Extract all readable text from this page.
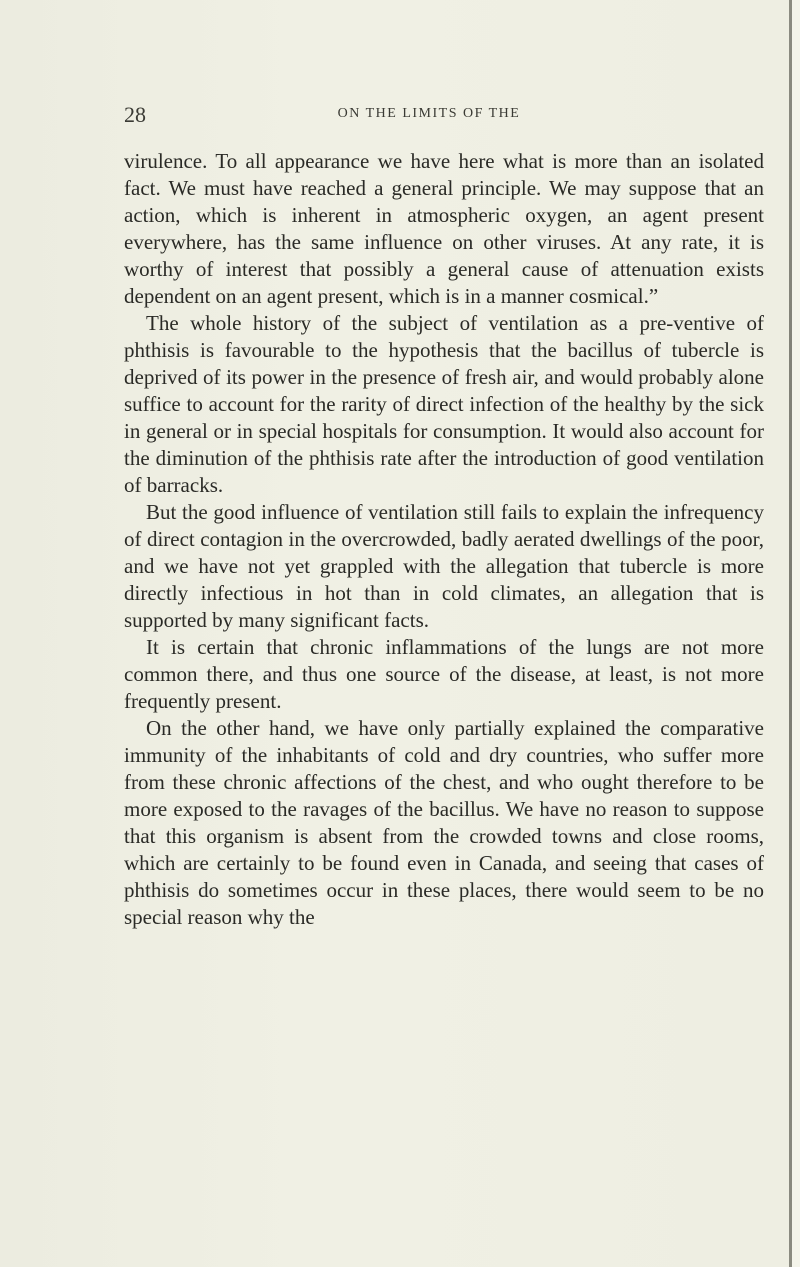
28	ON THE LIMITS OF THE

virulence. To all appearance we have here what is more than an isolated fact. We must have reached a general principle. We may suppose that an action, which is inherent in atmospheric oxygen, an agent present everywhere, has the same influence on other viruses. At any rate, it is worthy of interest that possibly a general cause of attenuation exists dependent on an agent present, which is in a manner cosmical.”

The whole history of the subject of ventilation as a pre-ventive of phthisis is favourable to the hypothesis that the bacillus of tubercle is deprived of its power in the presence of fresh air, and would probably alone suffice to account for the rarity of direct infection of the healthy by the sick in general or in special hospitals for consumption. It would also account for the diminution of the phthisis rate after the introduction of good ventilation of barracks.

But the good influence of ventilation still fails to explain the infrequency of direct contagion in the overcrowded, badly aerated dwellings of the poor, and we have not yet grappled with the allegation that tubercle is more directly infectious in hot than in cold climates, an allegation that is supported by many significant facts.

It is certain that chronic inflammations of the lungs are not more common there, and thus one source of the disease, at least, is not more frequently present.

On the other hand, we have only partially explained the comparative immunity of the inhabitants of cold and dry countries, who suffer more from these chronic affections of the chest, and who ought therefore to be more exposed to the ravages of the bacillus. We have no reason to suppose that this organism is absent from the crowded towns and close rooms, which are certainly to be found even in Canada, and seeing that cases of phthisis do sometimes occur in these places, there would seem to be no special reason why the
